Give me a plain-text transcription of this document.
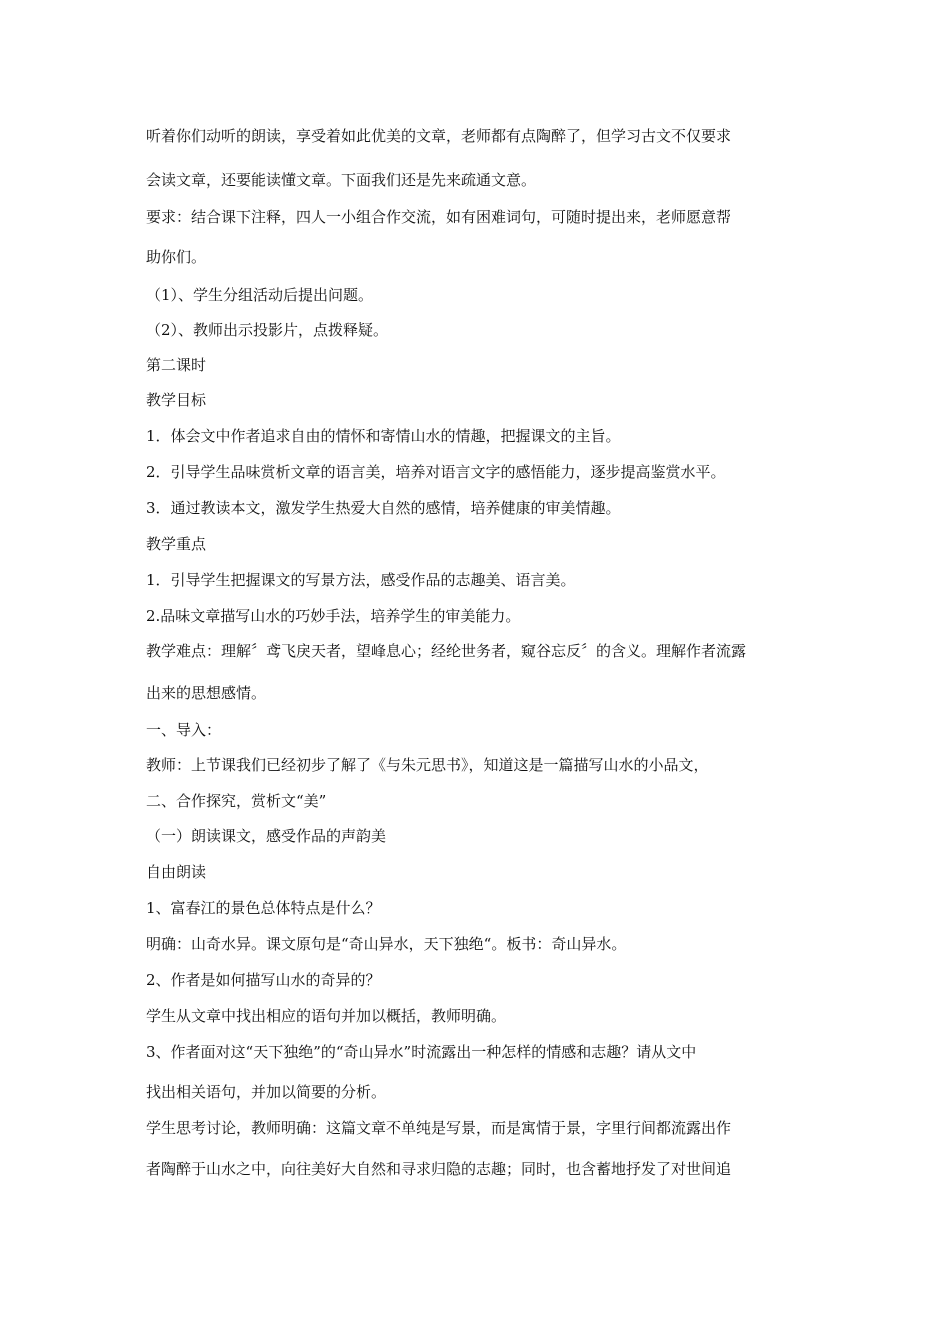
听着你们动听的朗读，享受着如此优美的文章，老师都有点陶醉了，但学习古文不仅要求
会读文章，还要能读懂文章。下面我们还是先来疏通文意。
要求：结合课下注释，四人一小组合作交流，如有困难词句，可随时提出来，老师愿意帮
助你们。
（1）、学生分组活动后提出问题。
（2）、教师出示投影片，点拨释疑。
第二课时
教学目标
1．体会文中作者追求自由的情怀和寄情山水的情趣，把握课文的主旨。
2．引导学生品味赏析文章的语言美，培养对语言文字的感悟能力，逐步提高鉴赏水平。
3．通过教读本文，激发学生热爱大自然的感情，培养健康的审美情趣。
教学重点
1．引导学生把握课文的写景方法，感受作品的志趣美、语言美。
2.品味文章描写山水的巧妙手法，培养学生的审美能力。
教学难点：理解〞鸢飞戾天者，望峰息心；经纶世务者，窥谷忘反〞的含义。理解作者流露
出来的思想感情。
一、导入：
教师：上节课我们已经初步了解了《与朱元思书》，知道这是一篇描写山水的小品文，
二、合作探究，赏析文“美”
（一）朗读课文，感受作品的声韵美
自由朗读
1、富春江的景色总体特点是什么？
明确：山奇水异。课文原句是“奇山异水，天下独绝“。板书：奇山异水。
2、作者是如何描写山水的奇异的？
学生从文章中找出相应的语句并加以概括，教师明确。
3、作者面对这“天下独绝”的“奇山异水”时流露出一种怎样的情感和志趣？请从文中
找出相关语句，并加以简要的分析。
学生思考讨论，教师明确：这篇文章不单纯是写景，而是寓情于景，字里行间都流露出作
者陶醉于山水之中，向往美好大自然和寻求归隐的志趣；同时，也含蓄地抒发了对世间追
